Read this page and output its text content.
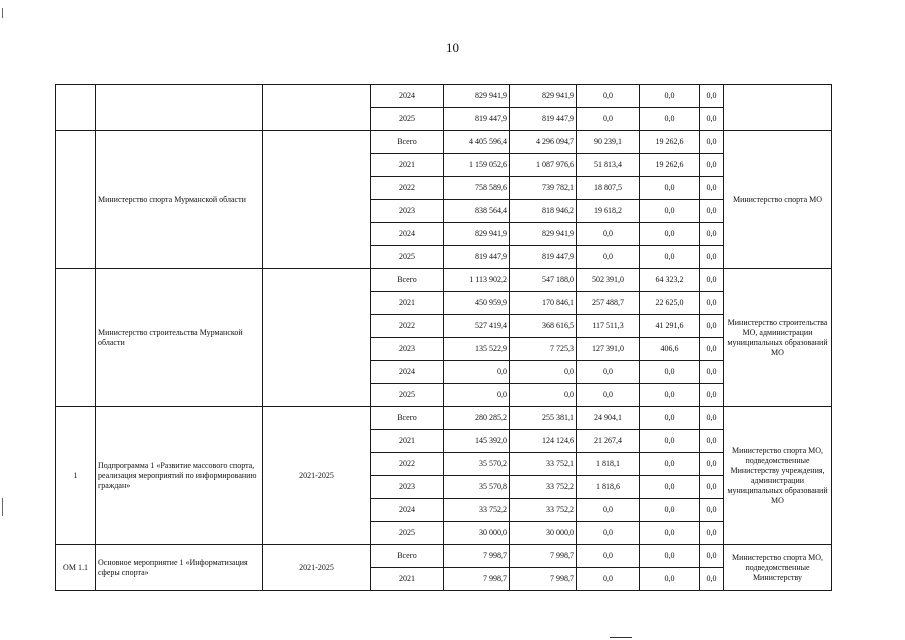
10
			2024	829 941,9	829 941,9	0,0	0,0	0,0	
			2025	819 447,9	819 447,9	0,0	0,0	0,0	
	Министерство спорта Мурманской области		Всего	4 405 596,4	4 296 094,7	90 239,1	19 262,6	0,0	Министерство спорта МО
			2021	1 159 052,6	1 087 976,6	51 813,4	19 262,6	0,0	
			2022	758 589,6	739 782,1	18 807,5	0,0	0,0	
			2023	838 564,4	818 946,2	19 618,2	0,0	0,0	
			2024	829 941,9	829 941,9	0,0	0,0	0,0	
			2025	819 447,9	819 447,9	0,0	0,0	0,0	
	Министерство строительства Мурманской области		Всего	1 113 902,2	547 188,0	502 391,0	64 323,2	0,0	Министерство строительства МО, администрации муниципальных образований МО
			2021	450 959,9	170 846,1	257 488,7	22 625,0	0,0	
			2022	527 419,4	368 616,5	117 511,3	41 291,6	0,0	
			2023	135 522,9	7 725,3	127 391,0	406,6	0,0	
			2024	0,0	0,0	0,0	0,0	0,0	
			2025	0,0	0,0	0,0	0,0	0,0	
1	Подпрограмма 1 «Развитие массового спорта, реализация мероприятий по информированию граждан»	2021-2025	Всего	280 285,2	255 381,1	24 904,1	0,0	0,0	Министерство спорта МО, подведомственные Министерству учреждения, администрации муниципальных образований МО
			2021	145 392,0	124 124,6	21 267,4	0,0	0,0	
			2022	35 570,2	33 752,1	1 818,1	0,0	0,0	
			2023	35 570,8	33 752,2	1 818,6	0,0	0,0	
			2024	33 752,2	33 752,2	0,0	0,0	0,0	
			2025	30 000,0	30 000,0	0,0	0,0	0,0	
ОМ 1.1	Основное мероприятие 1 «Информатизация сферы спорта»	2021-2025	Всего	7 998,7	7 998,7	0,0	0,0	0,0	Министерство спорта МО, подведомственные Министерству
			2021	7 998,7	7 998,7	0,0	0,0	0,0	
